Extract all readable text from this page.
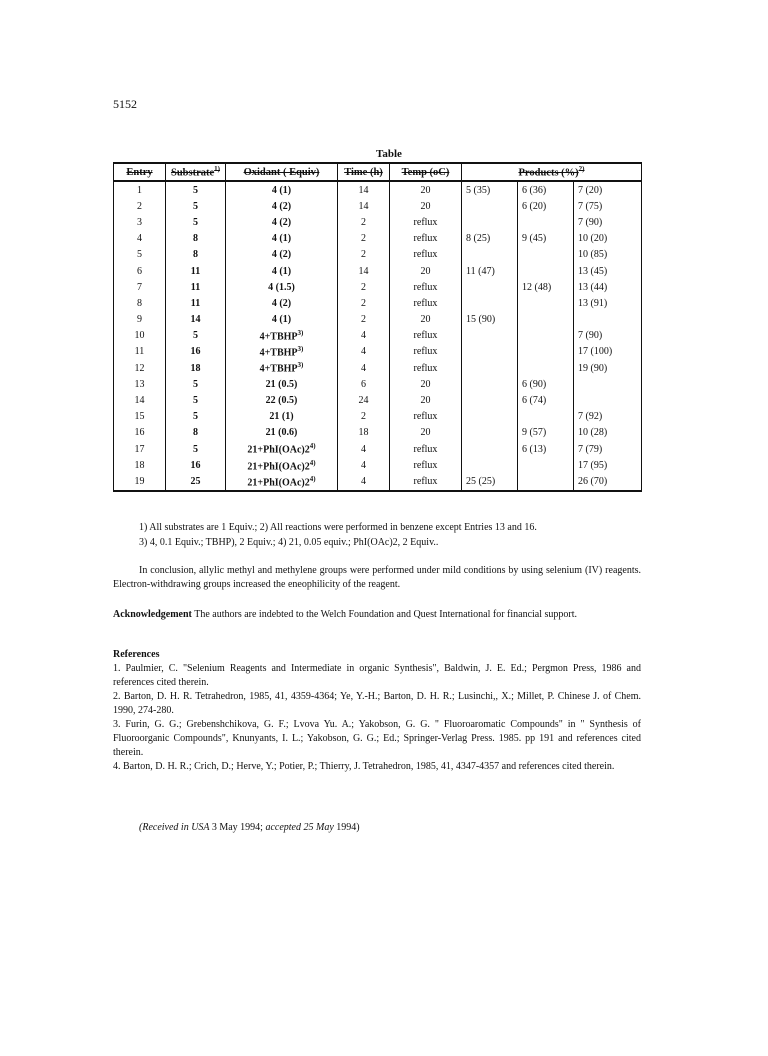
5152
Table
Entry	Substrate$^{1)}$	Oxidant ( Equiv)	Time (h)	Temp (oC)	Products (%)$^{2)}$
1	5	4 (1)	14	20	5 (35)	6 (36)	7 (20)
2	5	4 (2)	14	20		6 (20)	7 (75)
3	5	4 (2)	2	reflux			7 (90)
4	8	4 (1)	2	reflux	8 (25)	9 (45)	10 (20)
5	8	4 (2)	2	reflux			10 (85)
6	11	4 (1)	14	20	11 (47)		13 (45)
7	11	4 (1.5)	2	reflux		12 (48)	13 (44)
8	11	4 (2)	2	reflux			13 (91)
9	14	4 (1)	2	20	15 (90)		
10	5	$4+TBHP^{3)}$	4	reflux			7 (90)
11	16	$4+TBHP^{3)}$	4	reflux			17 (100)
12	18	$4+TBHP^{3)}$	4	reflux			19 (90)
13	5	21 (0.5)	6	20		6 (90)	
14	5	22 (0.5)	24	20		6 (74)	
15	5	21 (1)	2	reflux			7 (92)
16	8	21 (0.6)	18	20		9 (57)	10 (28)
17	5	$21+PhI(OAc)2^{4)}$	4	reflux		6 (13)	7 (79)
18	16	$21+PhI(OAc)2^{4)}$	4	reflux			17 (95)
19	25	$21+PhI(OAc)2^{4)}$	4	reflux	25 (25)		26 (70)
1) All substrates are 1 Equiv.; 2) All reactions were performed in benzene except Entries 13 and 16.
3) 4, 0.1 Equiv.; TBHP), 2 Equiv.; 4) 21, 0.05 equiv.; PhI(OAc)2, 2 Equiv..
In conclusion, allylic methyl and methylene groups were performed under mild conditions by using selenium (IV) reagents. Electron-withdrawing groups increased the eneophilicity of the reagent.
Acknowledgement The authors are indebted to the Welch Foundation and Quest International for financial support.
References
1. Paulmier, C. "Selenium Reagents and Intermediate in organic Synthesis", Baldwin, J. E. Ed.; Pergmon Press, 1986 and references cited therein.
2. Barton, D. H. R. Tetrahedron, 1985, 41, 4359-4364; Ye, Y.-H.; Barton, D. H. R.; Lusinchi,, X.; Millet, P. Chinese J. of Chem. 1990, 274-280.
3. Furin, G. G.; Grebenshchikova, G. F.; Lvova Yu. A.; Yakobson, G. G. " Fluoroaromatic Compounds" in " Synthesis of Fluoroorganic Compounds", Knunyants, I. L.; Yakobson, G. G.; Ed.; Springer-Verlag Press. 1985. pp 191 and references cited therein.
4. Barton, D. H. R.; Crich, D.; Herve, Y.; Potier, P.; Thierry, J. Tetrahedron, 1985, 41, 4347-4357 and references cited therein.
(Received in USA 3 May 1994; accepted 25 May 1994)
